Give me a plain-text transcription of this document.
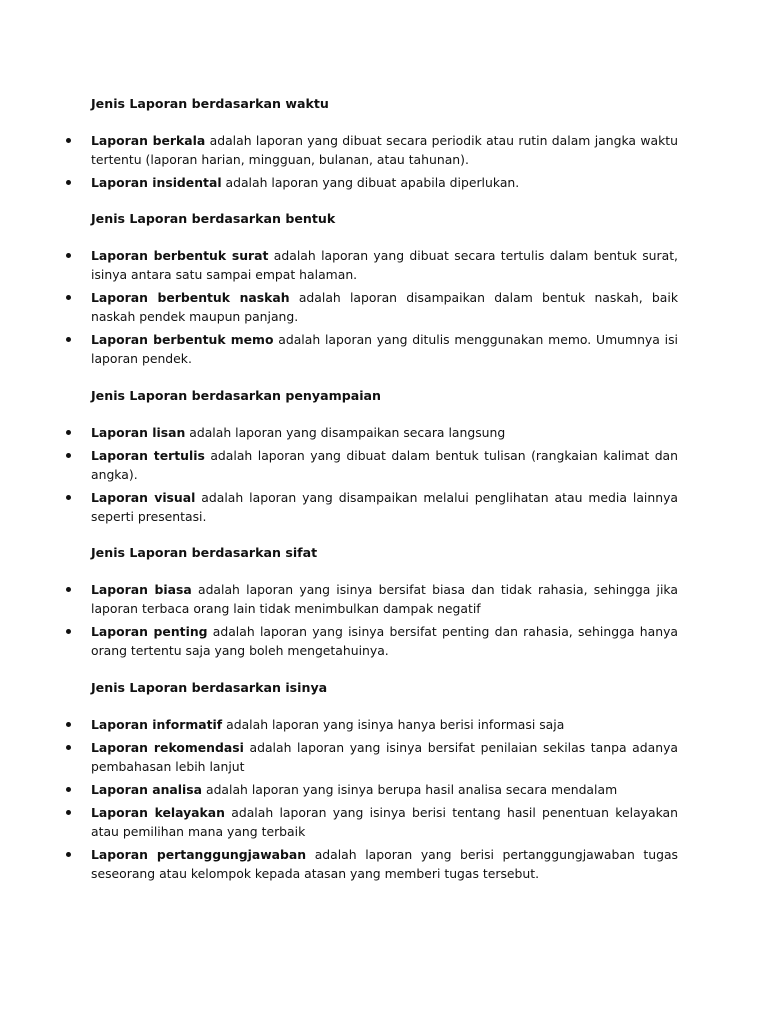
Jenis Laporan berdasarkan waktu
Laporan berkala adalah laporan yang dibuat secara periodik atau rutin dalam jangka waktu tertentu (laporan harian, mingguan, bulanan, atau tahunan).
Laporan insidental adalah laporan yang dibuat apabila diperlukan.
Jenis Laporan berdasarkan bentuk
Laporan berbentuk surat adalah laporan yang dibuat secara tertulis dalam bentuk surat, isinya antara satu sampai empat halaman.
Laporan berbentuk naskah adalah laporan disampaikan dalam bentuk naskah, baik naskah pendek maupun panjang.
Laporan berbentuk memo adalah laporan yang ditulis menggunakan memo. Umumnya isi laporan pendek.
Jenis Laporan berdasarkan penyampaian
Laporan lisan adalah laporan yang disampaikan secara langsung
Laporan tertulis adalah laporan yang dibuat dalam bentuk tulisan (rangkaian kalimat dan angka).
Laporan visual adalah laporan yang disampaikan melalui penglihatan atau media lainnya seperti presentasi.
Jenis Laporan berdasarkan sifat
Laporan biasa adalah laporan yang isinya bersifat biasa dan tidak rahasia, sehingga jika laporan terbaca orang lain tidak menimbulkan dampak negatif
Laporan penting adalah laporan yang isinya bersifat penting dan rahasia, sehingga hanya orang tertentu saja yang boleh mengetahuinya.
Jenis Laporan berdasarkan isinya
Laporan informatif adalah laporan yang isinya hanya berisi informasi saja
Laporan rekomendasi adalah laporan yang isinya bersifat penilaian sekilas tanpa adanya pembahasan lebih lanjut
Laporan analisa adalah laporan yang isinya berupa hasil analisa secara mendalam
Laporan kelayakan adalah laporan yang isinya berisi tentang hasil penentuan kelayakan atau pemilihan mana yang terbaik
Laporan pertanggungjawaban adalah laporan yang berisi pertanggungjawaban tugas seseorang atau kelompok kepada atasan yang memberi tugas tersebut.
